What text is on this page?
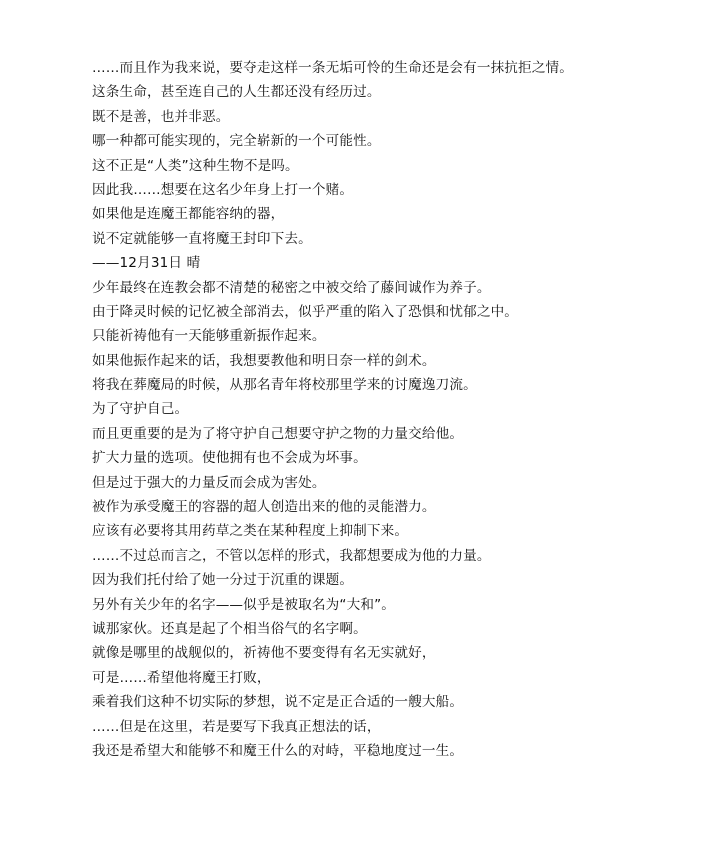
……而且作为我来说，要夺走这样一条无垢可怜的生命还是会有一抹抗拒之情。
这条生命，甚至连自己的人生都还没有经历过。
既不是善，也并非恶。
哪一种都可能实现的，完全崭新的一个可能性。
这不正是“人类”这种生物不是吗。
因此我……想要在这名少年身上打一个赌。
如果他是连魔王都能容纳的器，
说不定就能够一直将魔王封印下去。
——12月31日 晴
少年最终在连教会都不清楚的秘密之中被交给了藤间诚作为养子。
由于降灵时候的记忆被全部消去，似乎严重的陷入了恐惧和忧郁之中。
只能祈祷他有一天能够重新振作起来。
如果他振作起来的话，我想要教他和明日奈一样的剑术。
将我在葬魔局的时候，从那名青年将校那里学来的讨魔逸刀流。
为了守护自己。
而且更重要的是为了将守护自己想要守护之物的力量交给他。
扩大力量的选项。使他拥有也不会成为坏事。
但是过于强大的力量反而会成为害处。
被作为承受魔王的容器的超人创造出来的他的灵能潜力。
应该有必要将其用药草之类在某种程度上抑制下来。
……不过总而言之，不管以怎样的形式，我都想要成为他的力量。
因为我们托付给了她一分过于沉重的课题。
另外有关少年的名字——似乎是被取名为“大和”。
诚那家伙。还真是起了个相当俗气的名字啊。
就像是哪里的战舰似的，祈祷他不要变得有名无实就好，
可是……希望他将魔王打败，
乘着我们这种不切实际的梦想，说不定是正合适的一艘大船。
……但是在这里，若是要写下我真正想法的话，
我还是希望大和能够不和魔王什么的对峙，平稳地度过一生。
